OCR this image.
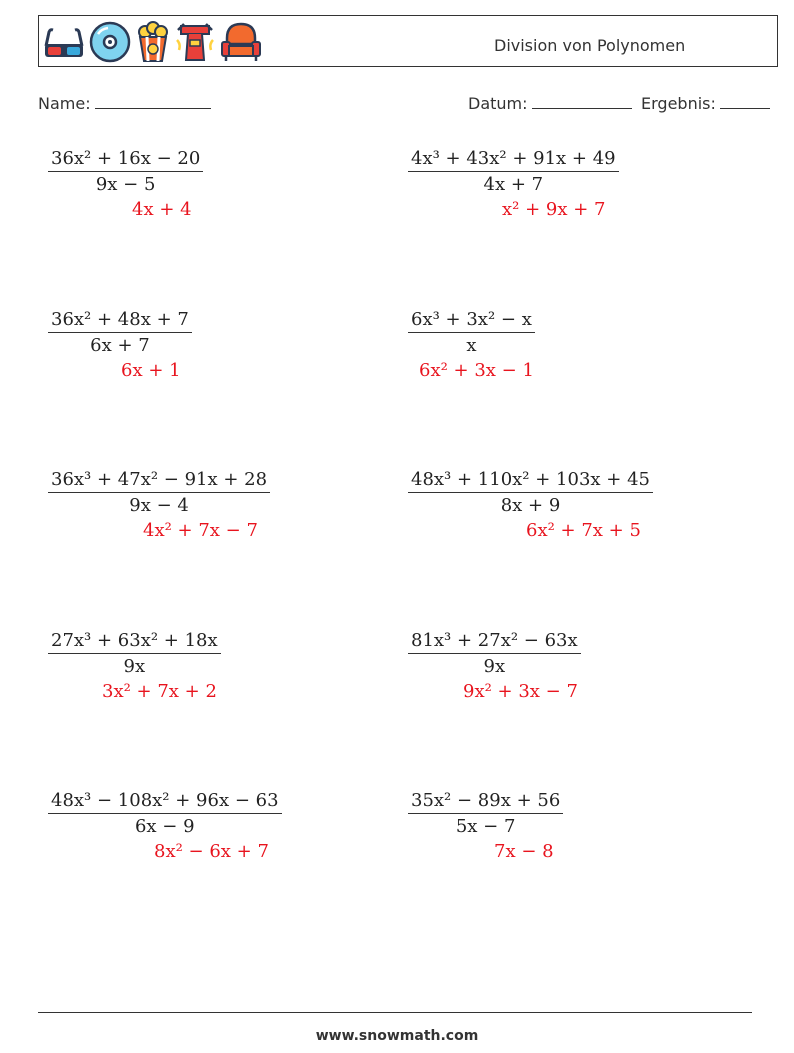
Division von Polynomen
Name:	Datum:	Ergebnis:
$\frac{\text{36x² + 16x − 20}}{9x - 5}$
4x + 4
$\frac{\text{4x³ + 43x² + 91x + 49}}{4x + 7}$
x² + 9x + 7
$\frac{\text{36x² + 48x + 7}}{6x + 7}$
6x + 1
$\frac{\text{6x³ + 3x² − x}}{x}$
6x² + 3x − 1
$\frac{\text{36x³ + 47x² − 91x + 28}}{9x - 4}$
4x² + 7x − 7
$\frac{\text{48x³ + 110x² + 103x + 45}}{8x + 9}$
6x² + 7x + 5
$\frac{\text{27x³ + 63x² + 18x}}{9x}$
3x² + 7x + 2
$\frac{\text{81x³ + 27x² − 63x}}{9x}$
9x² + 3x − 7
$\frac{\text{48x³ − 108x² + 96x − 63}}{6x - 9}$
8x² − 6x + 7
$\frac{\text{35x² − 89x + 56}}{5x - 7}$
7x − 8
www.snowmath.com
